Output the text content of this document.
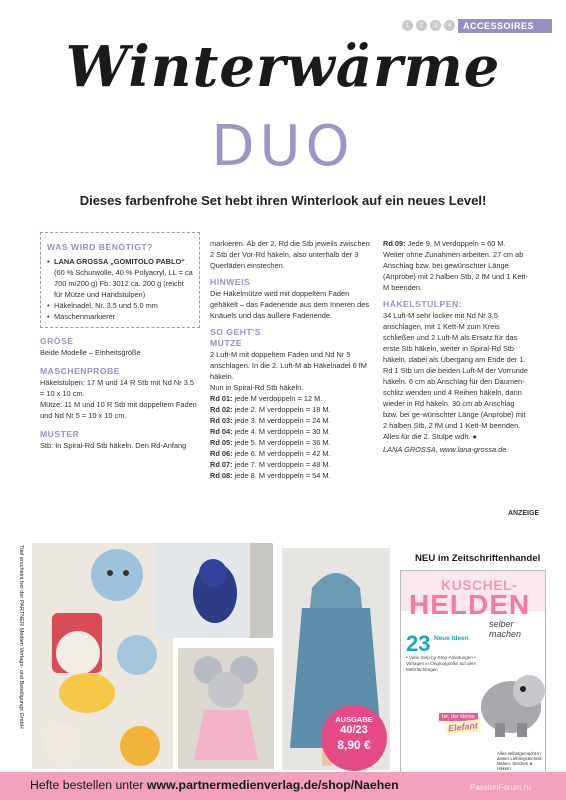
1	2	3	4	ACCESSOIRES
Winterwärme
DUO
Dieses farbenfrohe Set hebt ihren Winterlook auf ein neues Level!
WAS WIRD BENÖTIGT?
• LANA GROSSA „GOMITOLO PABLO“
(60 % Schurwolle, 40 % Polyacryl, LL = ca 700 m/200 g) Fb. 3012 ca. 200 g (reicht für Mütze und Handstulpen)
• Häkelnadel, Nr. 3.5 und 5.0 mm
• Maschenmarkierer
GRÖSE
Beide Modelle – Einheitsgröße
MASCHENPROBE
Häkelstulpen: 17 M und 14 R Stb mit Nd Nr 3,5 = 10 x 10 cm.
Mütze: 11 M und 10 R Stb mit doppeltem Faden und Nd Nr 5 = 10 x 10 cm.
MUSTER
Stb: In Spiral-Rd Stb häkeln. Den Rd-Anfang
markieren. Ab der 2. Rd die Stb jeweils zwischen 2 Stb der Vor-Rd häkeln, also unterhalb der 3 Querfäden einstechen.
HINWEIS
Die Häkelmütze wird mit doppeltem Faden gehäkelt – das Fadenende aus dem Inneren des Knäuels und das äußere Fadenende.
SO GEHT'S
MÜTZE
2 Luft-M mit doppeltem Faden und Nd Nr 5 anschlagen. In die 2. Luft-M ab Häkelnadel 6 fM häkeln.
Nun in Spiral-Rd Stb häkeln.
Rd 01: jede M verdoppeln = 12 M.
Rd 02: jede 2. M verdoppeln = 18 M.
Rd 03: jede 3. M verdoppeln = 24 M.
Rd 04: jede 4. M verdoppeln = 30 M.
Rd 05: jede 5. M verdoppeln = 36 M.
Rd 06: jede 6. M verdoppeln = 42 M.
Rd 07: jede 7. M verdoppeln = 48 M.
Rd 08: jede 8. M verdoppeln = 54 M.
Rd 09: Jede 9. M verdoppeln = 60 M.
Weiter ohne Zunahmen arbeiten. 27 cm ab Anschlag bzw. bei gewünschter Länge (Anprobe) mit 2 halben Stb, 2 fM und 1 Kett-M beenden.
HÄKELSTULPEN:
34 Luft-M sehr locker mit Nd Nr 3,5 anschlagen, mit 1 Kett-M zum Kreis schließen und 2 Luft-M als Ersatz für das erste Stb häkeln, weiter in Spiral-Rd Stb häkeln, dabei als Übergang am Ende der 1. Rd 1 Stb um die beiden Luft-M der Vorrunde häkeln. 6 cm ab Anschlag für den Daumen-schlitz wenden und 4 Reihen häkeln, dann wieder in Rd häkeln. 30 cm ab Anschlag bzw. bei ge-wünschter Länge (Anprobe) mit 2 halben Stb, 2 fM und 1 Kett-M beenden. Alles für die 2. Stulpe wdh. ●
LANA GROSSA, www.lana-grossa.de
ANZEIGE
Titel erscheint bei der PARTNER Medien Verlags- und Beteiligungs GmbH	NEU im Zeitschriftenhandel
KUSCHEL-
HELDEN
selber machen
23 Neue Ideen
• Viele Step-by-Step-Anleitungen • Vorlagen in Originalgröße auf dem Mehrfachbogen
Ist, der kleine
Elefant
Alles selbstgemacht in deiner Lieblingstechnik: Nähen, Stricken & Häkeln
AUSGABE
40/23
8,90 €
Hefte bestellen unter www.partnermedienverlag.de/shop/Naehen	PassionForum.ru
